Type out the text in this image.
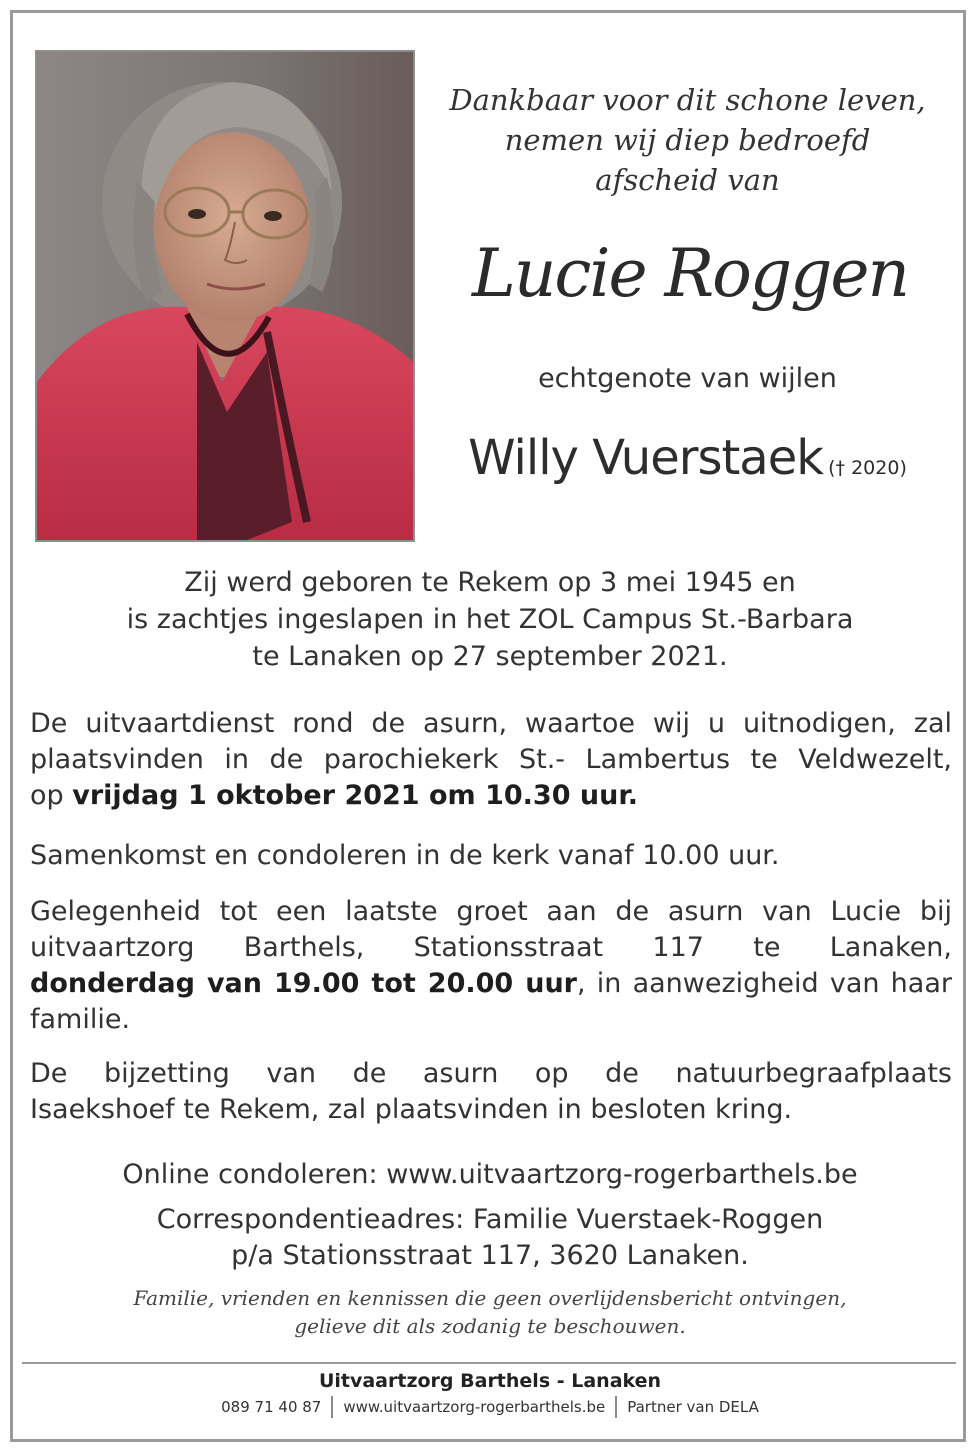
Dankbaar voor dit schone leven,
nemen wij diep bedroefd
afscheid van
Lucie Roggen
echtgenote van wijlen
Willy Vuerstaek († 2020)
Zij werd geboren te Rekem op 3 mei 1945 en
is zachtjes ingeslapen in het ZOL Campus St.-Barbara
te Lanaken op 27 september 2021.
De uitvaartdienst rond de asurn, waartoe wij u uitnodigen, zal
plaatsvinden in de parochiekerk St.- Lambertus te Veldwezelt,
op vrijdag 1 oktober 2021 om 10.30 uur.
Samenkomst en condoleren in de kerk vanaf 10.00 uur.
Gelegenheid tot een laatste groet aan de asurn van Lucie bij
uitvaartzorg Barthels, Stationsstraat 117 te Lanaken,
donderdag van 19.00 tot 20.00 uur, in aanwezigheid van haar
familie.
De bijzetting van de asurn op de natuurbegraafplaats
Isaekshoef te Rekem, zal plaatsvinden in besloten kring.
Online condoleren: www.uitvaartzorg-rogerbarthels.be
Correspondentieadres: Familie Vuerstaek-Roggen
p/a Stationsstraat 117, 3620 Lanaken.
Familie, vrienden en kennissen die geen overlijdensbericht ontvingen,
gelieve dit als zodanig te beschouwen.
Uitvaartzorg Barthels - Lanaken
089 71 40 87 www.uitvaartzorg-rogerbarthels.be Partner van DELA
